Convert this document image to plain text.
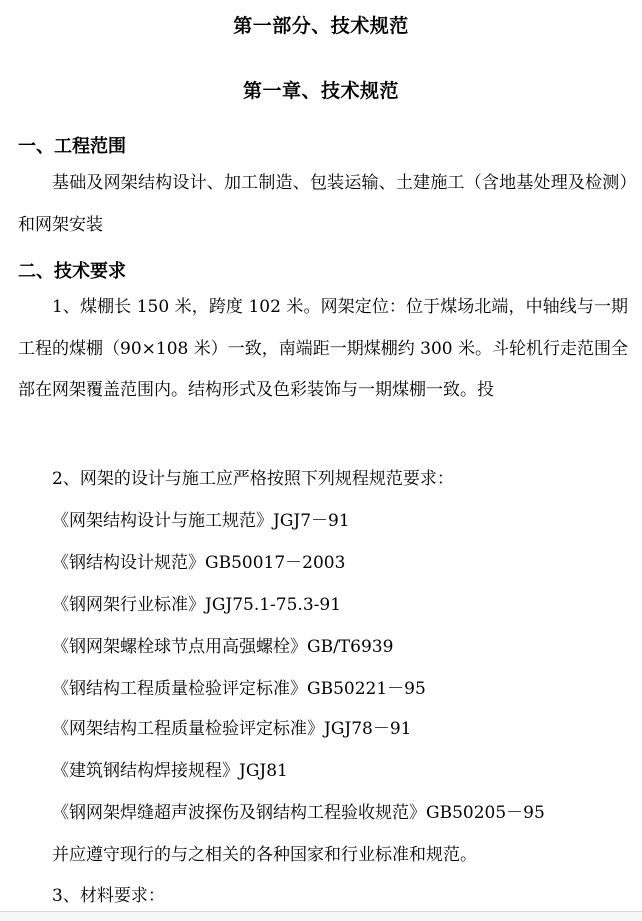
第一部分、技术规范
第一章、技术规范
一、工程范围
基础及网架结构设计、加工制造、包装运输、土建施工（含地基处理及检测）和网架安装
二、技术要求
1、煤棚长 150 米，跨度 102 米。网架定位：位于煤场北端，中轴线与一期工程的煤棚（90×108 米）一致，南端距一期煤棚约 300 米。斗轮机行走范围全部在网架覆盖范围内。结构形式及色彩装饰与一期煤棚一致。投
2、网架的设计与施工应严格按照下列规程规范要求：
《网架结构设计与施工规范》JGJ7－91
《钢结构设计规范》GB50017－2003
《钢网架行业标准》JGJ75.1-75.3-91
《钢网架螺栓球节点用高强螺栓》GB/T6939
《钢结构工程质量检验评定标准》GB50221－95
《网架结构工程质量检验评定标准》JGJ78－91
《建筑钢结构焊接规程》JGJ81
《钢网架焊缝超声波探伤及钢结构工程验收规范》GB50205－95
并应遵守现行的与之相关的各种国家和行业标准和规范。
3、材料要求：
